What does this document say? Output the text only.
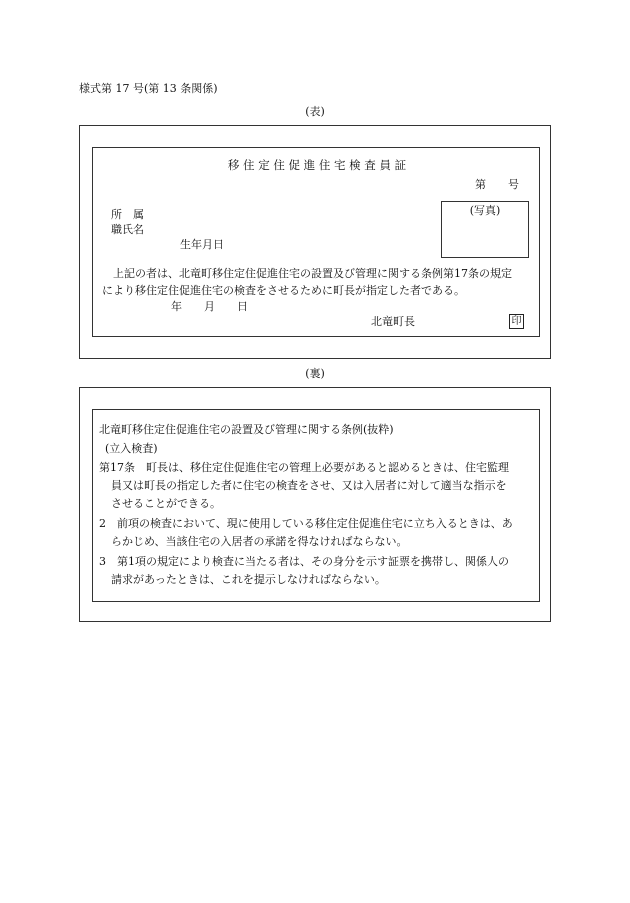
様式第 17 号(第 13 条関係)
(表)
移 住 定 住 促 進 住 宅 検 査 員 証
第　　号
所　属
職氏名
生年月日
(写真)
上記の者は、北竜町移住定住促進住宅の設置及び管理に関する条例第17条の規定
により移住定住促進住宅の検査をさせるために町長が指定した者である。
年　　月　　日
北竜町長	印
(裏)
北竜町移住定住促進住宅の設置及び管理に関する条例(抜粋)
(立入検査)
第17条　町長は、移住定住促進住宅の管理上必要があると認めるときは、住宅監理
員又は町長の指定した者に住宅の検査をさせ、又は入居者に対して適当な指示を
させることができる。
2　前項の検査において、現に使用している移住定住促進住宅に立ち入るときは、あ
らかじめ、当該住宅の入居者の承諾を得なければならない。
3　第1項の規定により検査に当たる者は、その身分を示す証票を携帯し、関係人の
請求があったときは、これを提示しなければならない。
